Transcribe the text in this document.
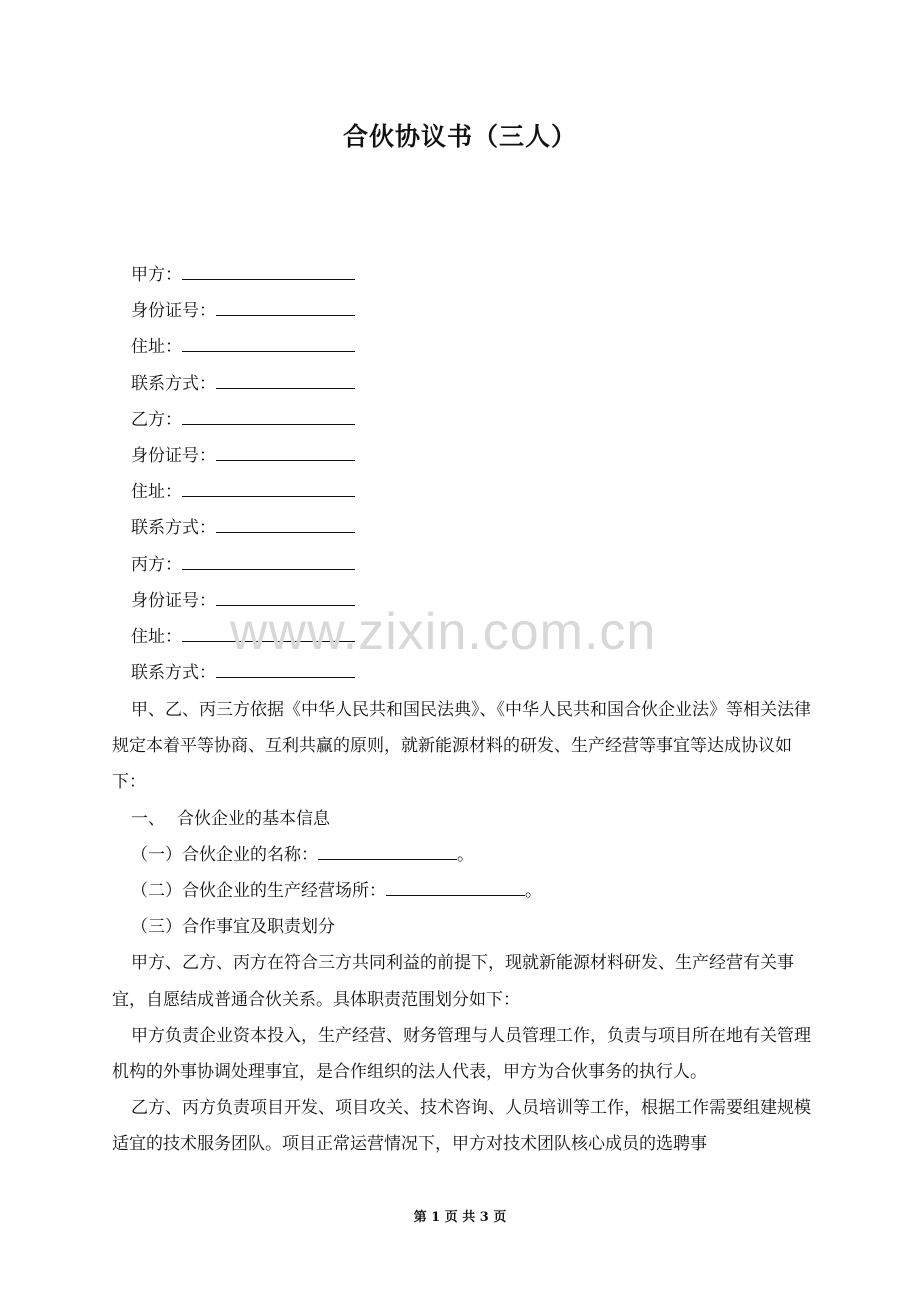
合伙协议书（三人）
甲方：
身份证号：
住址：
联系方式：
乙方：
身份证号：
住址：
联系方式：
丙方：
身份证号：
住址：
联系方式：

甲、乙、丙三方依据《中华人民共和国民法典》、《中华人民共和国合伙企业法》等相关法律规定本着平等协商、互利共赢的原则，就新能源材料的研发、生产经营等事宜等达成协议如下：

一、 合伙企业的基本信息

（一）合伙企业的名称：	。

（二）合伙企业的生产经营场所：	。

（三）合作事宜及职责划分

甲方、乙方、丙方在符合三方共同利益的前提下，现就新能源材料研发、生产经营有关事宜，自愿结成普通合伙关系。具体职责范围划分如下：

甲方负责企业资本投入，生产经营、财务管理与人员管理工作，负责与项目所在地有关管理机构的外事协调处理事宜，是合作组织的法人代表，甲方为合伙事务的执行人。

乙方、丙方负责项目开发、项目攻关、技术咨询、人员培训等工作，根据工作需要组建规模适宜的技术服务团队。项目正常运营情况下，甲方对技术团队核心成员的选聘事

www.zixin.com.cn
第 1 页 共 3 页
